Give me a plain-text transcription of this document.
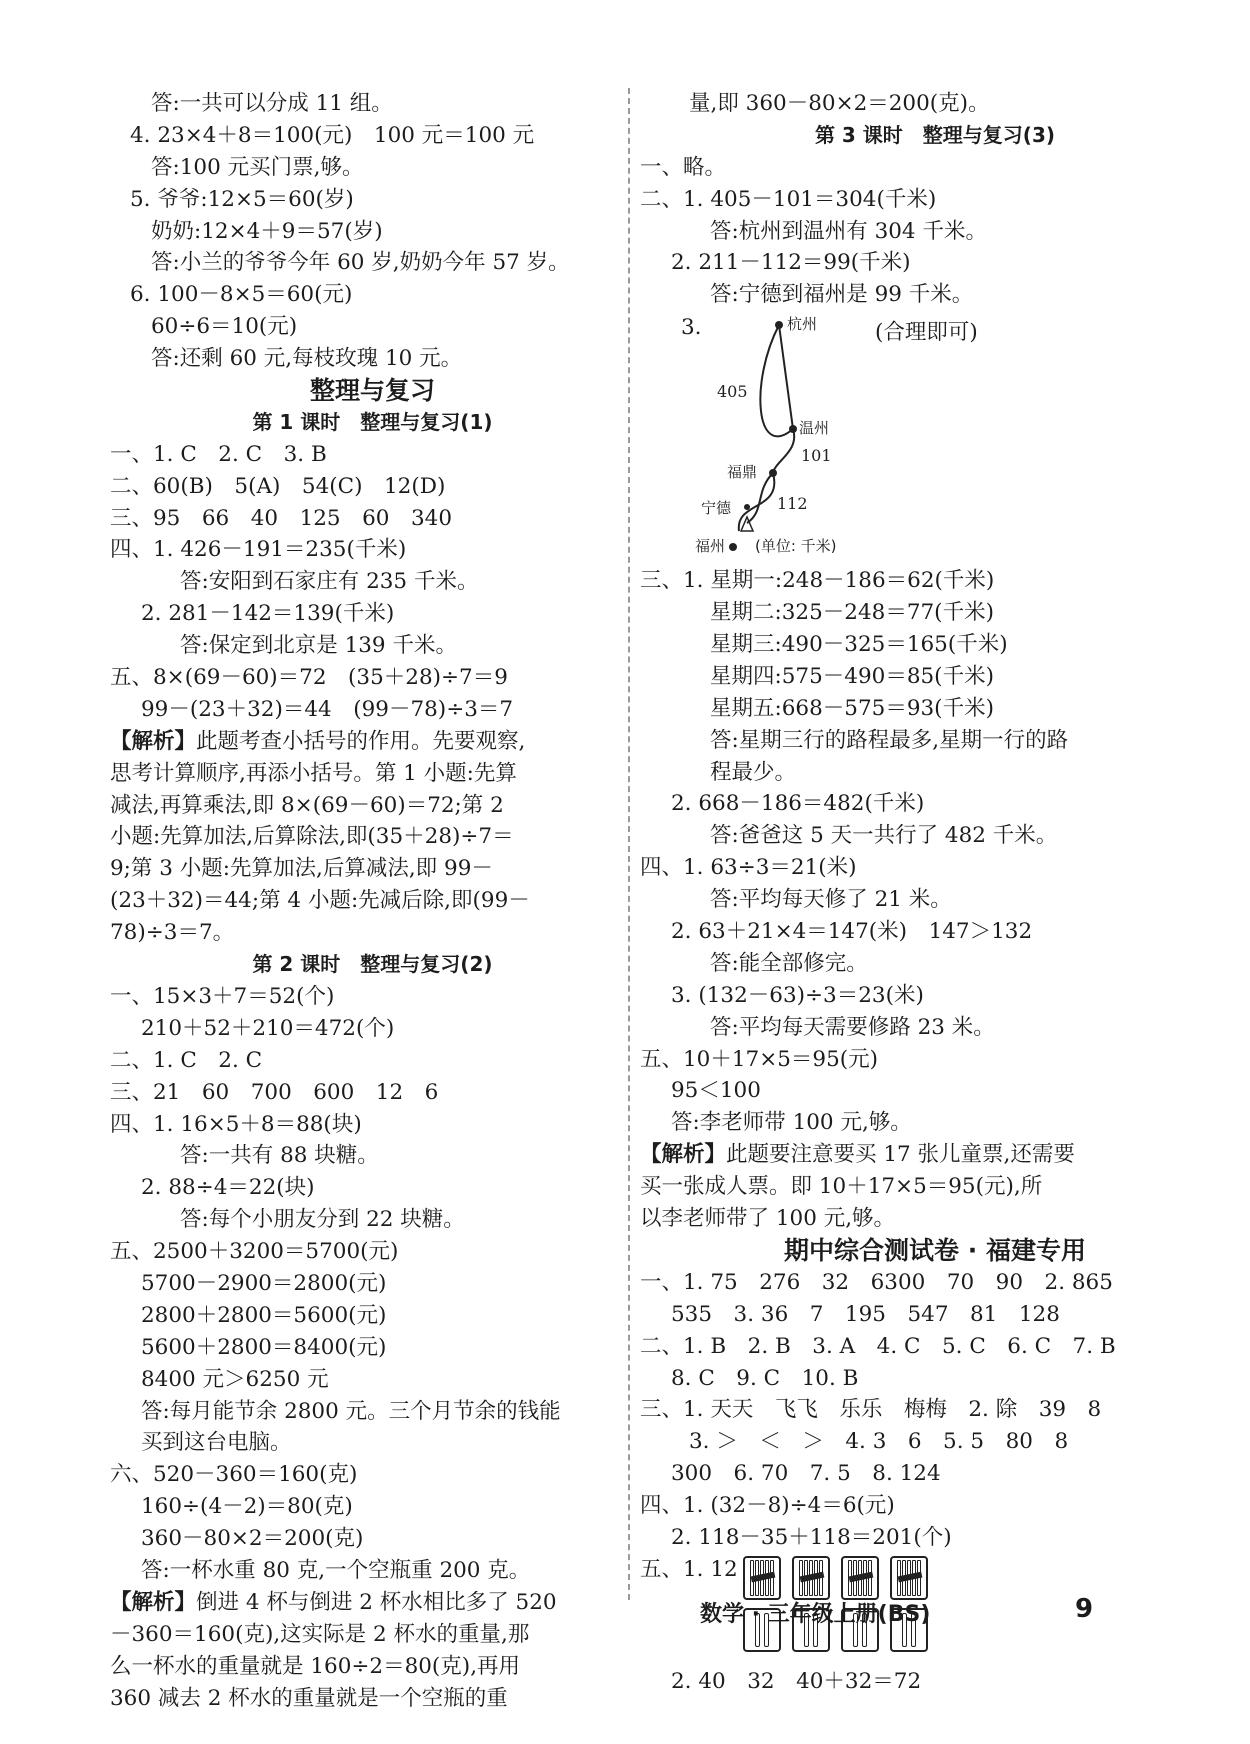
答:一共可以分成 11 组。
4. 23×4＋8＝100(元)　100 元＝100 元
答:100 元买门票,够。
5. 爷爷:12×5＝60(岁)
奶奶:12×4＋9＝57(岁)
答:小兰的爷爷今年 60 岁,奶奶今年 57 岁。
6. 100－8×5＝60(元)
60÷6＝10(元)
答:还剩 60 元,每枝玫瑰 10 元。
整理与复习
第 1 课时　整理与复习(1)
一、1. C　2. C　3. B
二、60(B)　5(A)　54(C)　12(D)
三、95　66　40　125　60　340
四、1. 426－191＝235(千米)
答:安阳到石家庄有 235 千米。
2. 281－142＝139(千米)
答:保定到北京是 139 千米。
五、8×(69－60)＝72　(35＋28)÷7＝9
99－(23＋32)＝44　(99－78)÷3＝7
【解析】此题考查小括号的作用。先要观察,
思考计算顺序,再添小括号。第 1 小题:先算
减法,再算乘法,即 8×(69－60)＝72;第 2
小题:先算加法,后算除法,即(35＋28)÷7＝
9;第 3 小题:先算加法,后算减法,即 99－
(23＋32)＝44;第 4 小题:先减后除,即(99－
78)÷3＝7。
第 2 课时　整理与复习(2)
一、15×3＋7＝52(个)
210＋52＋210＝472(个)
二、1. C　2. C
三、21　60　700　600　12　6
四、1. 16×5＋8＝88(块)
答:一共有 88 块糖。
2. 88÷4＝22(块)
答:每个小朋友分到 22 块糖。
五、2500＋3200＝5700(元)
5700－2900＝2800(元)
2800＋2800＝5600(元)
5600＋2800＝8400(元)
8400 元＞6250 元
答:每月能节余 2800 元。三个月节余的钱能
买到这台电脑。
六、520－360＝160(克)
160÷(4－2)＝80(克)
360－80×2＝200(克)
答:一杯水重 80 克,一个空瓶重 200 克。
【解析】倒进 4 杯与倒进 2 杯水相比多了 520
－360＝160(克),这实际是 2 杯水的重量,那
么一杯水的重量就是 160÷2＝80(克),再用
360 减去 2 杯水的重量就是一个空瓶的重
量,即 360－80×2＝200(克)。
第 3 课时　整理与复习(3)
一、略。
二、1. 405－101＝304(千米)
答:杭州到温州有 304 千米。
2. 211－112＝99(千米)
答:宁德到福州是 99 千米。
3.	(合理即可)
杭州
温州
福鼎
宁德
福州
405
101
112
(单位: 千米)
三、1. 星期一:248－186＝62(千米)
星期二:325－248＝77(千米)
星期三:490－325＝165(千米)
星期四:575－490＝85(千米)
星期五:668－575＝93(千米)
答:星期三行的路程最多,星期一行的路
程最少。
2. 668－186＝482(千米)
答:爸爸这 5 天一共行了 482 千米。
四、1. 63÷3＝21(米)
答:平均每天修了 21 米。
2. 63＋21×4＝147(米)　147＞132
答:能全部修完。
3. (132－63)÷3＝23(米)
答:平均每天需要修路 23 米。
五、10＋17×5＝95(元)
95＜100
答:李老师带 100 元,够。
【解析】此题要注意要买 17 张儿童票,还需要
买一张成人票。即 10＋17×5＝95(元),所
以李老师带了 100 元,够。
期中综合测试卷 · 福建专用
一、1. 75　276　32　6300　70　90　2. 865
535　3. 36　7　195　547　81　128
二、1. B　2. B　3. A　4. C　5. C　6. C　7. B
8. C　9. C　10. B
三、1. 天天　飞飞　乐乐　梅梅　2. 除　39　8
3. ＞　＜　＞　4. 3　6　5. 5　80　8
300　6. 70　7. 5　8. 124
四、1. (32－8)÷4＝6(元)
2. 118－35＋118＝201(个)
五、1. 12
2. 40　32　40＋32＝72
数学 · 三年级上册(BS)	9
